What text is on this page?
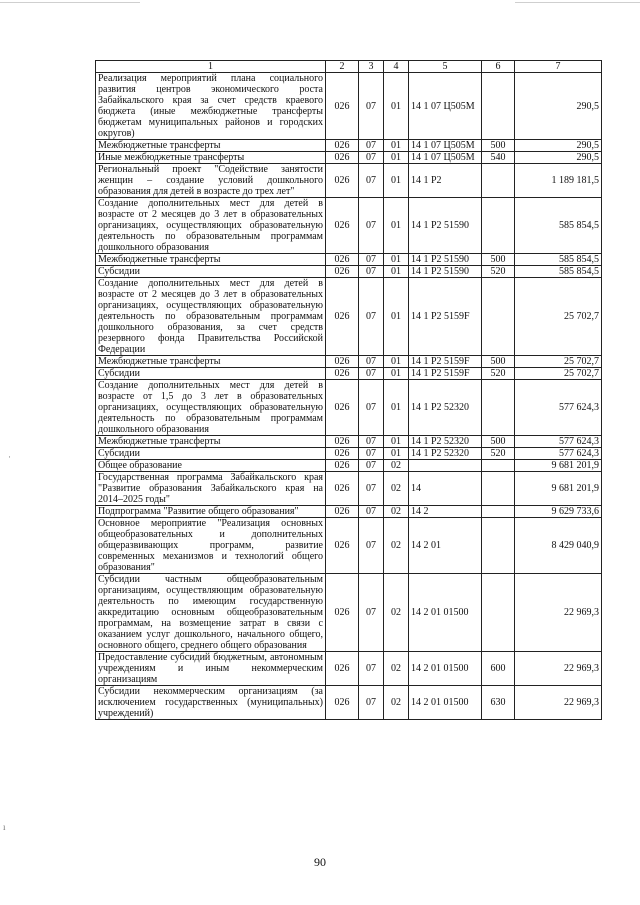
·
ı
1	2	3	4	5	6	7
Реализация мероприятий плана социального развития центров экономического роста Забайкальского края за счет средств краевого бюджета (иные межбюджетные трансферты бюджетам муниципальных районов и городских округов)	026	07	01	14 1 07 Ц505М		290,5
Межбюджетные трансферты	026	07	01	14 1 07 Ц505М	500	290,5
Иные межбюджетные трансферты	026	07	01	14 1 07 Ц505М	540	290,5
Региональный проект "Содействие занятости женщин – создание условий дошкольного образования для детей в возрасте до трех лет"	026	07	01	14 1 Р2		1 189 181,5
Создание дополнительных мест для детей в возрасте от 2 месяцев до 3 лет в образовательных организациях, осуществляющих образовательную деятельность по образовательным программам дошкольного образования	026	07	01	14 1 Р2 51590		585 854,5
Межбюджетные трансферты	026	07	01	14 1 Р2 51590	500	585 854,5
Субсидии	026	07	01	14 1 Р2 51590	520	585 854,5
Создание дополнительных мест для детей в возрасте от 2 месяцев до 3 лет в образовательных организациях, осуществляющих образовательную деятельность по образовательным программам дошкольного образования, за счет средств резервного фонда Правительства Российской Федерации	026	07	01	14 1 Р2 5159F		25 702,7
Межбюджетные трансферты	026	07	01	14 1 Р2 5159F	500	25 702,7
Субсидии	026	07	01	14 1 Р2 5159F	520	25 702,7
Создание дополнительных мест для детей в возрасте от 1,5 до 3 лет в образовательных организациях, осуществляющих образовательную деятельность по образовательным программам дошкольного образования	026	07	01	14 1 Р2 52320		577 624,3
Межбюджетные трансферты	026	07	01	14 1 Р2 52320	500	577 624,3
Субсидии	026	07	01	14 1 Р2 52320	520	577 624,3
Общее образование	026	07	02			9 681 201,9
Государственная программа Забайкальского края "Развитие образования Забайкальского края на 2014–2025 годы"	026	07	02	14		9 681 201,9
Подпрограмма "Развитие общего образования"	026	07	02	14 2		9 629 733,6
Основное мероприятие "Реализация основных общеобразовательных и дополнительных общеразвивающих программ, развитие современных механизмов и технологий общего образования"	026	07	02	14 2 01		8 429 040,9
Субсидии частным общеобразовательным организациям, осуществляющим образовательную деятельность по имеющим государственную аккредитацию основным общеобразовательным программам, на возмещение затрат в связи с оказанием услуг дошкольного, начального общего, основного общего, среднего общего образования	026	07	02	14 2 01 01500		22 969,3
Предоставление субсидий бюджетным, автономным учреждениям и иным некоммерческим организациям	026	07	02	14 2 01 01500	600	22 969,3
Субсидии некоммерческим организациям (за исключением государственных (муниципальных) учреждений)	026	07	02	14 2 01 01500	630	22 969,3
90
